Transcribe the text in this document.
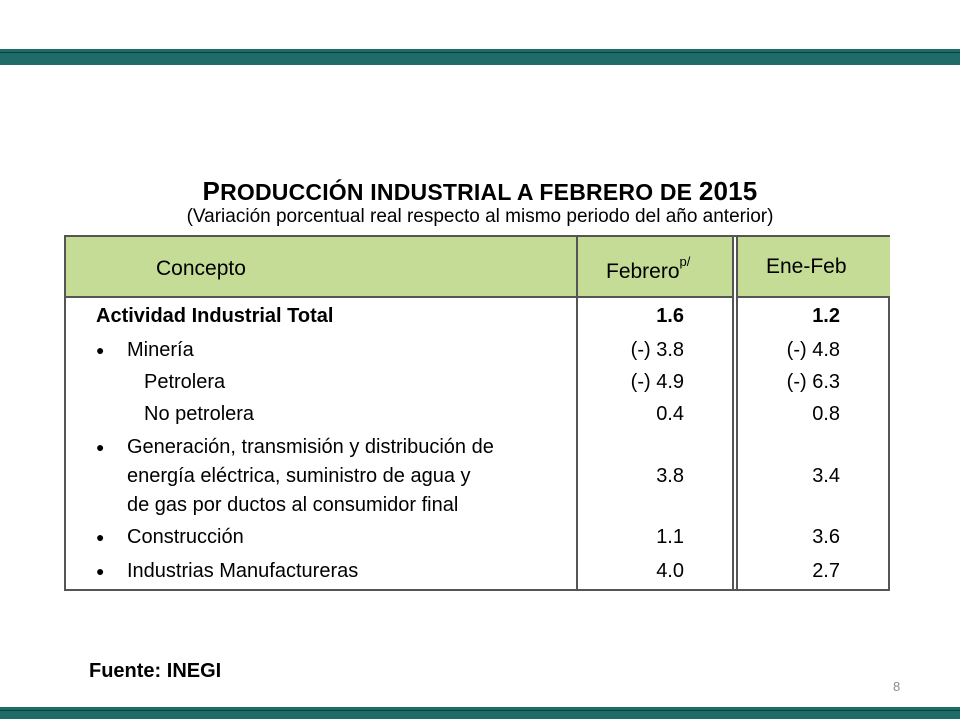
PRODUCCIÓN INDUSTRIAL A FEBRERO DE 2015
(Variación porcentual real respecto al mismo periodo del año anterior)
Concepto	Febrero$^{p/}$	Ene-Feb
Actividad Industrial Total	1.6	1.2
● Minería	(-) 3.8	(-) 4.8
Petrolera	(-) 4.9	(-) 6.3
No petrolera	0.4	0.8
● Generación, transmisión y distribución de
energía eléctrica, suministro de agua y
de gas por ductos al consumidor final
3.8	3.4
● Construcción	1.1	3.6
● Industrias Manufactureras	4.0	2.7
Fuente: INEGI
8
